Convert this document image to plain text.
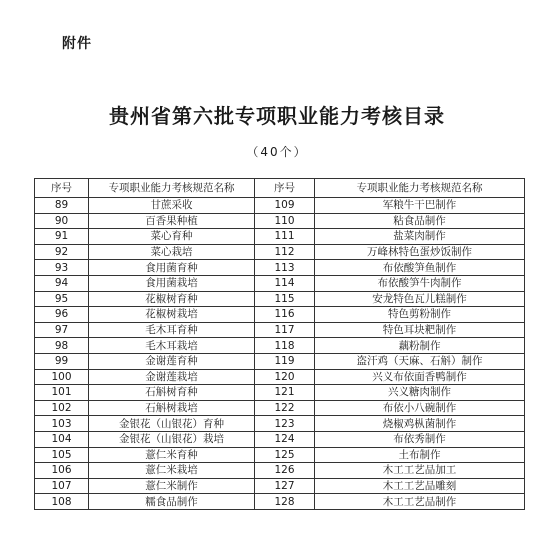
附件
贵州省第六批专项职业能力考核目录
（40个）
序号	专项职业能力考核规范名称	序号	专项职业能力考核规范名称
89	甘蔗采收	109	军粮牛干巴制作
90	百香果种植	110	粘食品制作
91	菜心育种	111	盐菜肉制作
92	菜心栽培	112	万峰林特色蛋炒饭制作
93	食用菌育种	113	布依酸笋鱼制作
94	食用菌栽培	114	布依酸笋牛肉制作
95	花椒树育种	115	安龙特色瓦儿糕制作
96	花椒树栽培	116	特色剪粉制作
97	毛木耳育种	117	特色耳块粑制作
98	毛木耳栽培	118	藕粉制作
99	金谢莲育种	119	盗汗鸡（天麻、石斛）制作
100	金谢莲栽培	120	兴义布依面香鸭制作
101	石斛树育种	121	兴义糖肉制作
102	石斛树栽培	122	布依小八碗制作
103	金银花（山银花）育种	123	烧椒鸡枞菌制作
104	金银花（山银花）栽培	124	布依秀制作
105	薏仁米育种	125	土布制作
106	薏仁米栽培	126	木工工艺品加工
107	薏仁米制作	127	木工工艺品雕刻
108	糯食品制作	128	木工工艺品制作
